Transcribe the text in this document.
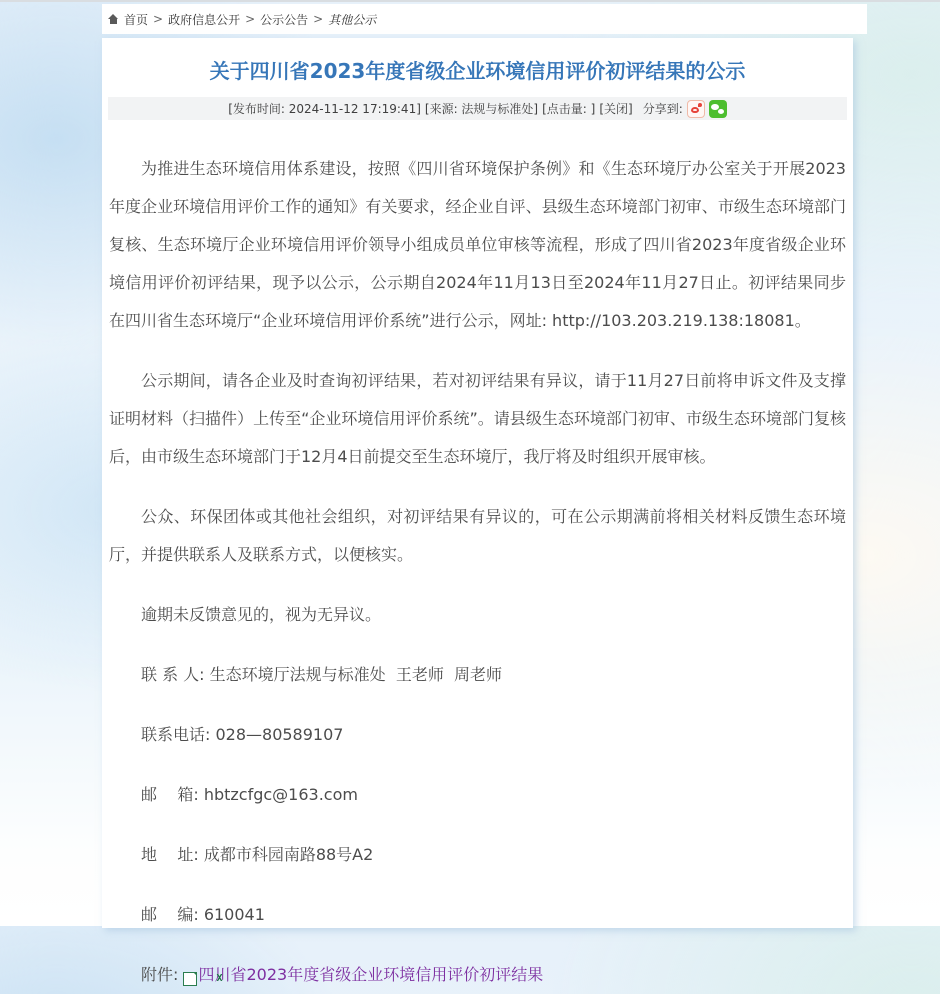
首页 > 政府信息公开 > 公示公告 > 其他公示
关于四川省2023年度省级企业环境信用评价初评结果的公示
[发布时间: 2024-11-12 17:19:41] [来源: 法规与标准处] [点击量: ] [关闭] 分享到:

为推进生态环境信用体系建设，按照《四川省环境保护条例》和《生态环境厅办公室关于开展2023年度企业环境信用评价工作的通知》有关要求，经企业自评、县级生态环境部门初审、市级生态环境部门复核、生态环境厅企业环境信用评价领导小组成员单位审核等流程，形成了四川省2023年度省级企业环境信用评价初评结果，现予以公示，公示期自2024年11月13日至2024年11月27日止。初评结果同步在四川省生态环境厅“企业环境信用评价系统”进行公示，网址: http://103.203.219.138:18081。

公示期间，请各企业及时查询初评结果，若对初评结果有异议，请于11月27日前将申诉文件及支撑证明材料（扫描件）上传至“企业环境信用评价系统”。请县级生态环境部门初审、市级生态环境部门复核后，由市级生态环境部门于12月4日前提交至生态环境厅，我厅将及时组织开展审核。

公众、环保团体或其他社会组织，对初评结果有异议的，可在公示期满前将相关材料反馈生态环境厅，并提供联系人及联系方式，以便核实。

逾期未反馈意见的，视为无异议。

联 系 人: 生态环境厅法规与标准处  王老师  周老师

联系电话: 028—80589107

邮    箱: hbtzcfgc@163.com

地    址: 成都市科园南路88号A2

邮    编: 610041

附件: X 四川省2023年度省级企业环境信用评价初评结果
